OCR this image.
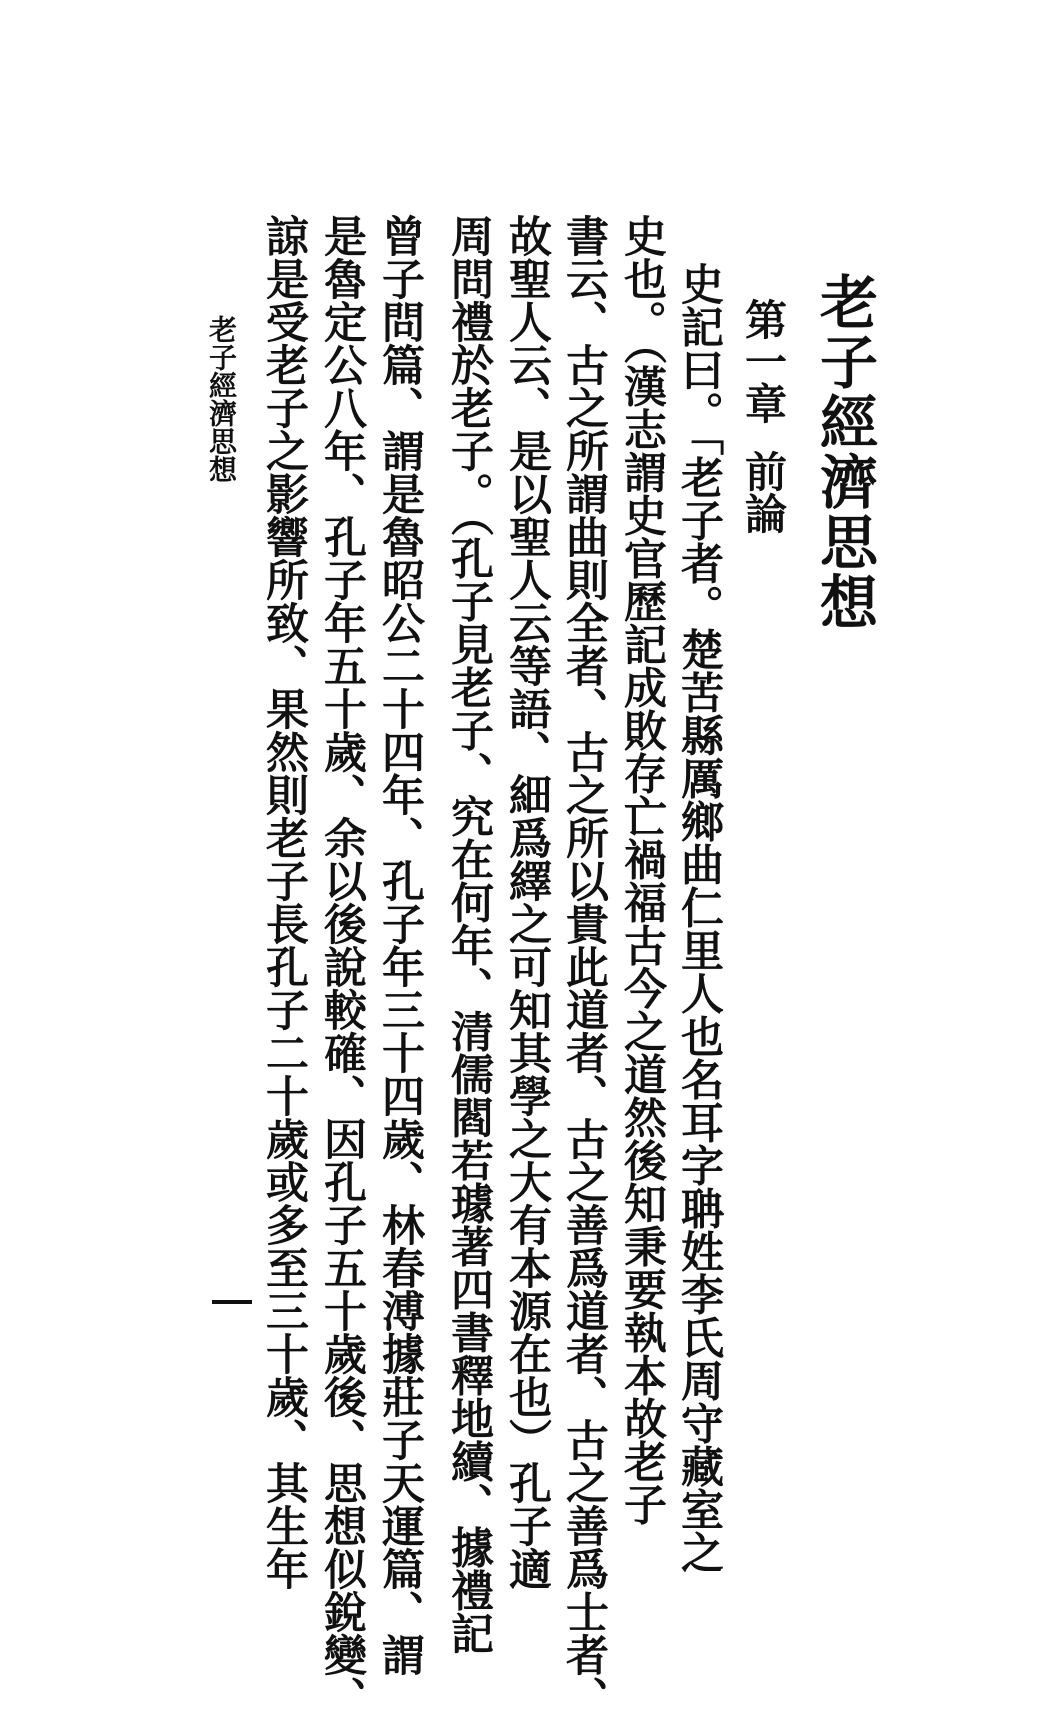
老子經濟思想
第一章前論
史記曰。「老子者。楚苦縣厲鄉曲仁里人也名耳字聃姓李氏周守藏室之
史也。（漢志謂史官歷記成敗存亡禍福古今之道然後知秉要執本故老子
書云、古之所謂曲則全者、古之所以貴此道者、古之善爲道者、古之善爲士者、
故聖人云、是以聖人云等語、細爲繹之可知其學之大有本源在也）孔子適
周問禮於老子。（孔子見老子、究在何年、清儒閻若璩著四書釋地續、據禮記
曾子問篇、謂是魯昭公二十四年、孔子年三十四歲、林春溥據莊子天運篇、謂
是魯定公八年、孔子年五十歲、余以後說較確、因孔子五十歲後、思想似銳變、
諒是受老子之影響所致、果然則老子長孔子二十歲或多至三十歲、其生年
老子經濟思想
